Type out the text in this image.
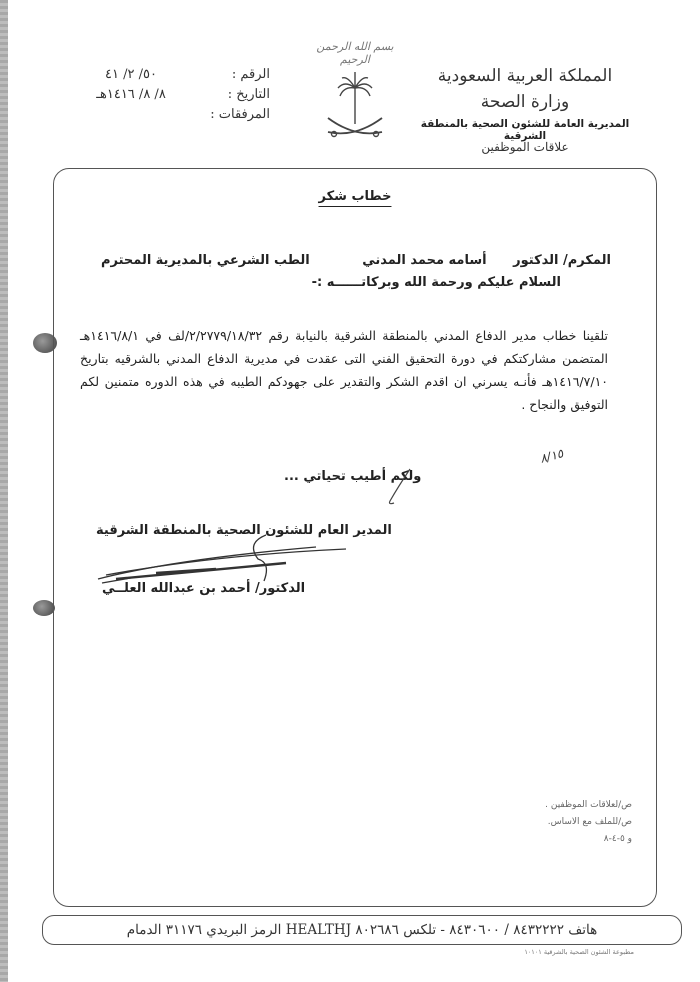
المملكة العربية السعودية
وزارة الصحة
المديرية العامة للشئون الصحية بالمنطقة الشرقية
علاقات الموظفين
بسم الله الرحمن الرحيم
الرقم :
٥٠/ ٢/ ٤١
التاريخ :
٨/ ٨/ ١٤١٦هـ
المرفقات :
خطاب شكر
المكرم/ الدكتور أسامه محمد المدني الطب الشرعي بالمديرية
المحترم
السلام عليكم ورحمة الله وبركاتــــــه :-
تلقينا خطاب مدير الدفاع المدني بالمنطقة الشرقية بالنيابة رقم ٢/٢٧٧٩/١٨/٣٢/لف في ١٤١٦/٨/١هـ المتضمن مشاركتكم في دورة التحقيق الفني التى عقدت في مديرية الدفاع المدني بالشرقيه بتاريخ ١٤١٦/٧/١٠هـ فأنـه يسرني ان اقدم الشكر والتقدير على جهودكم الطيبه في هذه الدوره متمنين لكم التوفيق والنجاح .
٨/١٥
ولكم أطيب تحياتي ...
المدير العام للشئون الصحية بالمنطقة الشرقية
الدكتور/ أحمد بن عبدالله العلــي
ص/لعلاقات الموظفين .
ص/للملف مع الاساس.
و ٥-٤-٨
هاتف ٨٤٣٢٢٢٢ / ٨٤٣٠٦٠٠ - تلكس ٨٠٢٦٨٦ HEALTHJ الرمز البريدي ٣١١٧٦ الدمام
مطبوعة الشئون الصحية بالشرقية ١٠١٠١
